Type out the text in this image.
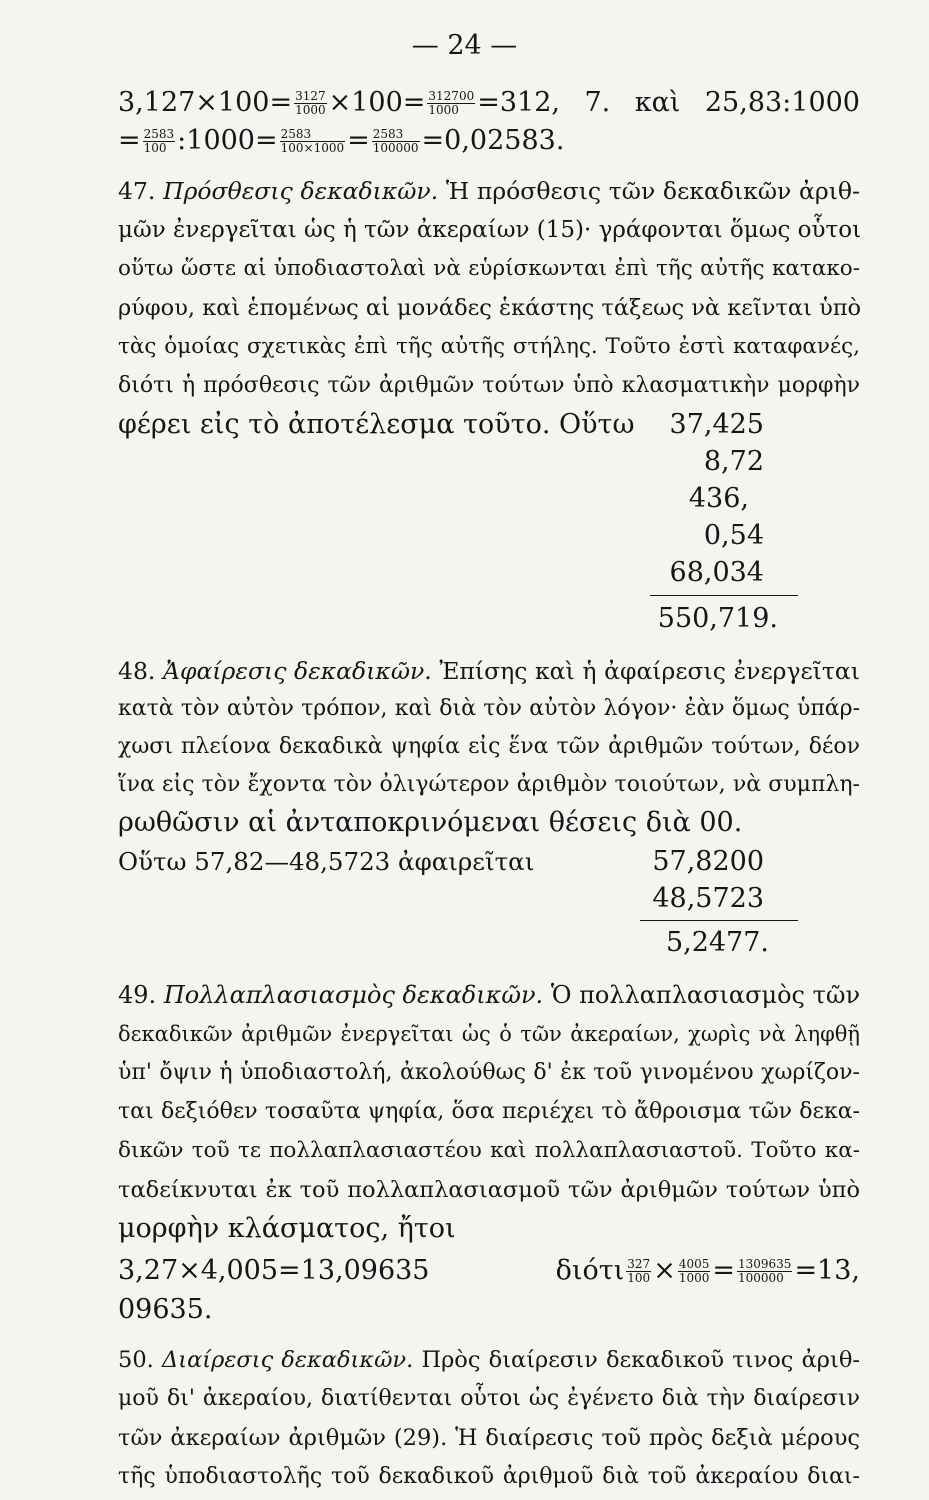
— 24 —
$3,127\times 100= \frac{3127}{1000} \times 100= \frac{312700}{1000} =312$, 7. καὶ 25,83:1000
= $\frac{2583}{100}$ :1000= $\frac{2583}{100\times 1000} = \frac{2583}{100000} =0,02583$.
47. Πρόσθεσις δεκαδικῶν. Ἡ πρόσθεσις τῶν δεκαδικῶν ἀριθ-
μῶν ἐνεργεῖται ὡς ἡ τῶν ἀκεραίων (15)· γράφονται ὅμως οὗτοι
οὕτω ὥστε αἱ ὑποδιαστολαὶ νὰ εὑρίσκωνται ἐπὶ τῆς αὐτῆς κατακο-
ρύφου, καὶ ἑπομένως αἱ μονάδες ἑκάστης τάξεως νὰ κεῖνται ὑπὸ
τὰς ὁμοίας σχετικὰς ἐπὶ τῆς αὐτῆς στήλης. Τοῦτο ἐστὶ καταφανές,
διότι ἡ πρόσθεσις τῶν ἀριθμῶν τούτων ὑπὸ κλασματικὴν μορφὴν
φέρει εἰς τὸ ἀποτέλεσμα τοῦτο. Οὕτω	37,425
8,72
436,
0,54
68,034
550,719.
48. Ἀφαίρεσις δεκαδικῶν. Ἐπίσης καὶ ἡ ἀφαίρεσις ἐνεργεῖται
κατὰ τὸν αὐτὸν τρόπον, καὶ διὰ τὸν αὐτὸν λόγον· ἐὰν ὅμως ὑπάρ-
χωσι πλείονα δεκαδικὰ ψηφία εἰς ἕνα τῶν ἀριθμῶν τούτων, δέον
ἵνα εἰς τὸν ἔχοντα τὸν ὀλιγώτερον ἀριθμὸν τοιούτων, νὰ συμπλη-
ρωθῶσιν αἱ ἀνταποκρινόμεναι θέσεις διὰ 00.
Οὕτω 57,82—48,5723 ἀφαιρεῖται	57,8200
48,5723
5,2477.
49. Πολλαπλασιασμὸς δεκαδικῶν. Ὁ πολλαπλασιασμὸς τῶν
δεκαδικῶν ἀριθμῶν ἐνεργεῖται ὡς ὁ τῶν ἀκεραίων, χωρὶς νὰ ληφθῇ
ὑπ' ὄψιν ἡ ὑποδιαστολή, ἀκολούθως δ' ἐκ τοῦ γινομένου χωρίζον-
ται δεξιόθεν τοσαῦτα ψηφία, ὅσα περιέχει τὸ ἄθροισμα τῶν δεκα-
δικῶν τοῦ τε πολλαπλασιαστέου καὶ πολλαπλασιαστοῦ. Τοῦτο κα-
ταδείκνυται ἐκ τοῦ πολλαπλασιασμοῦ τῶν ἀριθμῶν τούτων ὑπὸ
μορφὴν κλάσματος, ἤτοι
3,27×4,005=13,09635 διότι $\frac{327}{100} \times \frac{4005}{1000} = \frac{1309635}{100000} =13$,
09635.
50. Διαίρεσις δεκαδικῶν. Πρὸς διαίρεσιν δεκαδικοῦ τινος ἀριθ-
μοῦ δι' ἀκεραίου, διατίθενται οὗτοι ὡς ἐγένετο διὰ τὴν διαίρεσιν
τῶν ἀκεραίων ἀριθμῶν (29). Ἡ διαίρεσις τοῦ πρὸς δεξιὰ μέρους
τῆς ὑποδιαστολῆς τοῦ δεκαδικοῦ ἀριθμοῦ διὰ τοῦ ἀκεραίου διαι-
